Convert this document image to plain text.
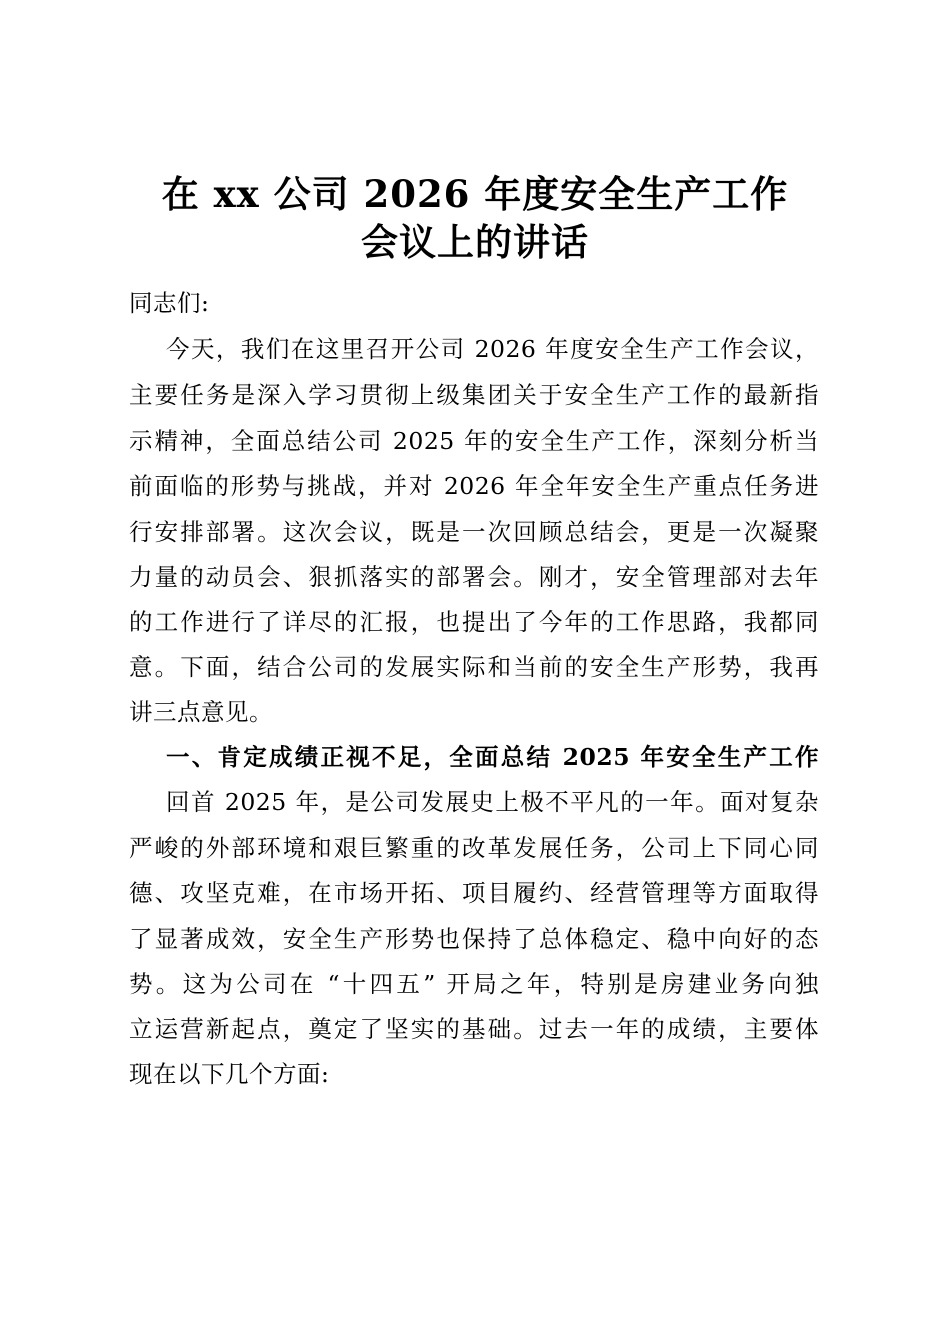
在 xx 公司 2026 年度安全生产工作
会议上的讲话
同志们:
今天，我们在这里召开公司 2026 年度安全生产工作会议，
主要任务是深入学习贯彻上级集团关于安全生产工作的最新指
示精神，全面总结公司 2025 年的安全生产工作，深刻分析当
前面临的形势与挑战，并对 2026 年全年安全生产重点任务进
行安排部署。这次会议，既是一次回顾总结会，更是一次凝聚
力量的动员会、狠抓落实的部署会。刚才，安全管理部对去年
的工作进行了详尽的汇报，也提出了今年的工作思路，我都同
意。下面，结合公司的发展实际和当前的安全生产形势，我再
讲三点意见。
一、肯定成绩正视不足，全面总结 2025 年安全生产工作
回首 2025 年，是公司发展史上极不平凡的一年。面对复杂
严峻的外部环境和艰巨繁重的改革发展任务，公司上下同心同
德、攻坚克难，在市场开拓、项目履约、经营管理等方面取得
了显著成效，安全生产形势也保持了总体稳定、稳中向好的态
势。这为公司在 “十四五” 开局之年，特别是房建业务向独
立运营新起点，奠定了坚实的基础。过去一年的成绩，主要体
现在以下几个方面:
